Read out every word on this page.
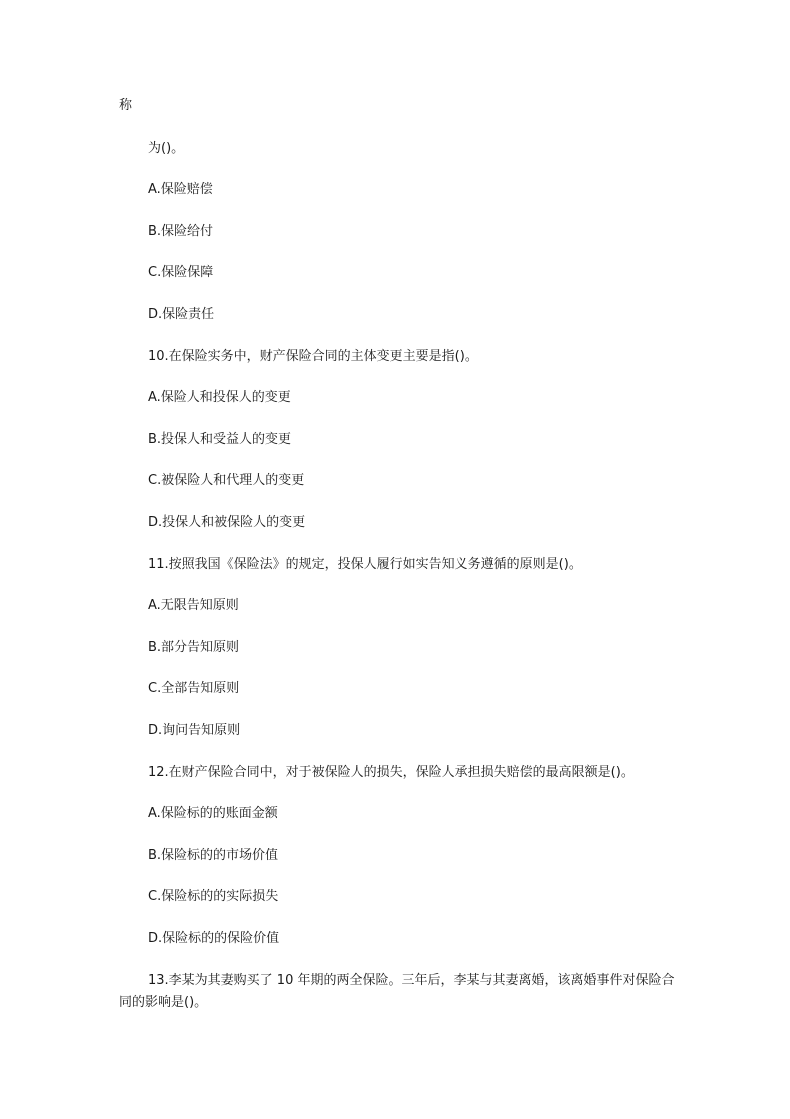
称
为()。
A.保险赔偿
B.保险给付
C.保险保障
D.保险责任
10.在保险实务中，财产保险合同的主体变更主要是指()。
A.保险人和投保人的变更
B.投保人和受益人的变更
C.被保险人和代理人的变更
D.投保人和被保险人的变更
11.按照我国《保险法》的规定，投保人履行如实告知义务遵循的原则是()。
A.无限告知原则
B.部分告知原则
C.全部告知原则
D.询问告知原则
12.在财产保险合同中，对于被保险人的损失，保险人承担损失赔偿的最高限额是()。
A.保险标的的账面金额
B.保险标的的市场价值
C.保险标的的实际损失
D.保险标的的保险价值
13.李某为其妻购买了 10 年期的两全保险。三年后，李某与其妻离婚，该离婚事件对保险合同的影响是()。
